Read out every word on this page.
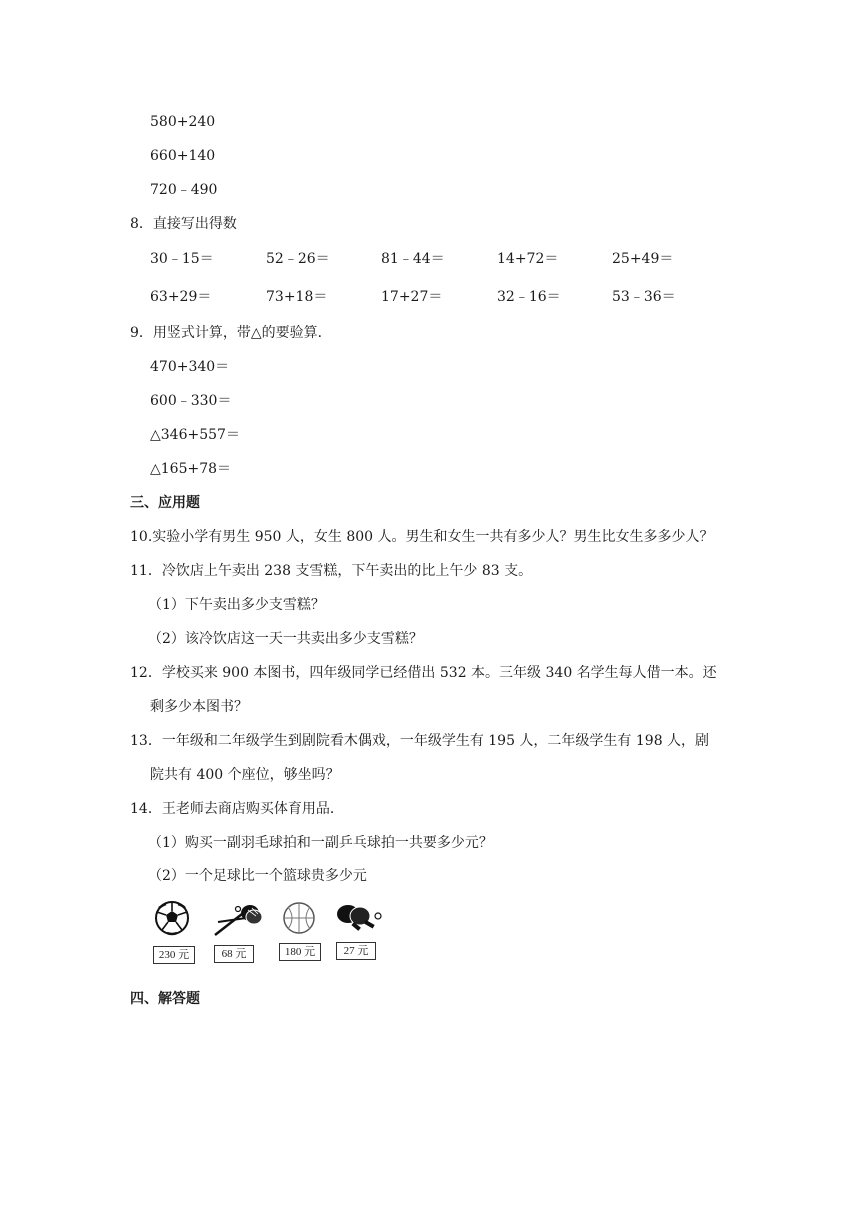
580+240
660+140
720﹣490
8．直接写出得数
30﹣15＝	52﹣26＝	81﹣44＝	14+72＝	25+49＝
63+29＝	73+18＝	17+27＝	32﹣16＝	53﹣36＝
9．用竖式计算，带△的要验算．
470+340＝
600﹣330＝
△346+557＝
△165+78＝
三、应用题
10.实验小学有男生 950 人，女生 800 人。男生和女生一共有多少人？男生比女生多多少人？
11．冷饮店上午卖出 238 支雪糕，下午卖出的比上午少 83 支。
（1）下午卖出多少支雪糕？
（2）该冷饮店这一天一共卖出多少支雪糕？
12．学校买来 900 本图书，四年级同学已经借出 532 本。三年级 340 名学生每人借一本。还
剩多少本图书？
13．一年级和二年级学生到剧院看木偶戏，一年级学生有 195 人，二年级学生有 198 人，剧
院共有 400 个座位，够坐吗？
14．王老师去商店购买体育用品．
（1）购买一副羽毛球拍和一副乒乓球拍一共要多少元？
（2）一个足球比一个篮球贵多少元
230 元	68 元	180 元	27 元
四、解答题
